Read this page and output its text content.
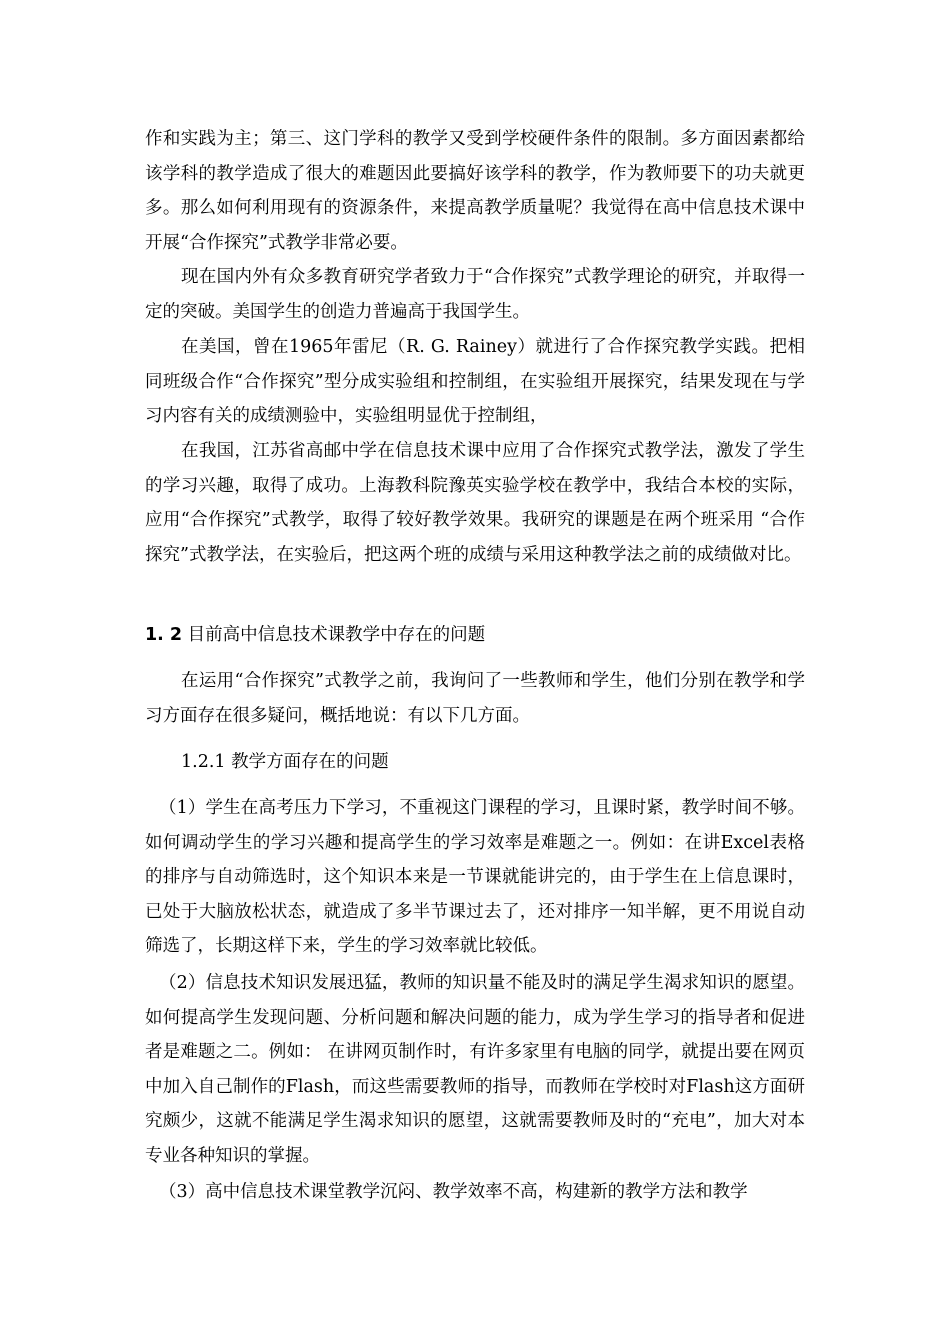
作和实践为主；第三、这门学科的教学又受到学校硬件条件的限制。多方面因素都给该学科的教学造成了很大的难题因此要搞好该学科的教学，作为教师要下的功夫就更多。那么如何利用现有的资源条件，来提高教学质量呢？我觉得在高中信息技术课中开展“合作探究”式教学非常必要。

现在国内外有众多教育研究学者致力于“合作探究”式教学理论的研究，并取得一定的突破。美国学生的创造力普遍高于我国学生。

在美国，曾在1965年雷尼（R. G. Rainey）就进行了合作探究教学实践。把相同班级合作“合作探究”型分成实验组和控制组，在实验组开展探究，结果发现在与学习内容有关的成绩测验中，实验组明显优于控制组，

在我国，江苏省高邮中学在信息技术课中应用了合作探究式教学法，激发了学生的学习兴趣，取得了成功。上海教科院豫英实验学校在教学中，我结合本校的实际，应用“合作探究”式教学，取得了较好教学效果。我研究的课题是在两个班采用 “合作探究”式教学法，在实验后，把这两个班的成绩与采用这种教学法之前的成绩做对比。

1. 2 目前高中信息技术课教学中存在的问题

在运用“合作探究”式教学之前，我询问了一些教师和学生，他们分别在教学和学习方面存在很多疑问，概括地说：有以下几方面。

1.2.1 教学方面存在的问题

（1）学生在高考压力下学习，不重视这门课程的学习，且课时紧，教学时间不够。如何调动学生的学习兴趣和提高学生的学习效率是难题之一。例如：在讲Excel表格的排序与自动筛选时，这个知识本来是一节课就能讲完的，由于学生在上信息课时，已处于大脑放松状态，就造成了多半节课过去了，还对排序一知半解，更不用说自动筛选了，长期这样下来，学生的学习效率就比较低。

（2）信息技术知识发展迅猛，教师的知识量不能及时的满足学生渴求知识的愿望。如何提高学生发现问题、分析问题和解决问题的能力，成为学生学习的指导者和促进者是难题之二。例如： 在讲网页制作时，有许多家里有电脑的同学，就提出要在网页中加入自己制作的Flash，而这些需要教师的指导，而教师在学校时对Flash这方面研究颇少，这就不能满足学生渴求知识的愿望，这就需要教师及时的“充电”，加大对本专业各种知识的掌握。

（3）高中信息技术课堂教学沉闷、教学效率不高，构建新的教学方法和教学
